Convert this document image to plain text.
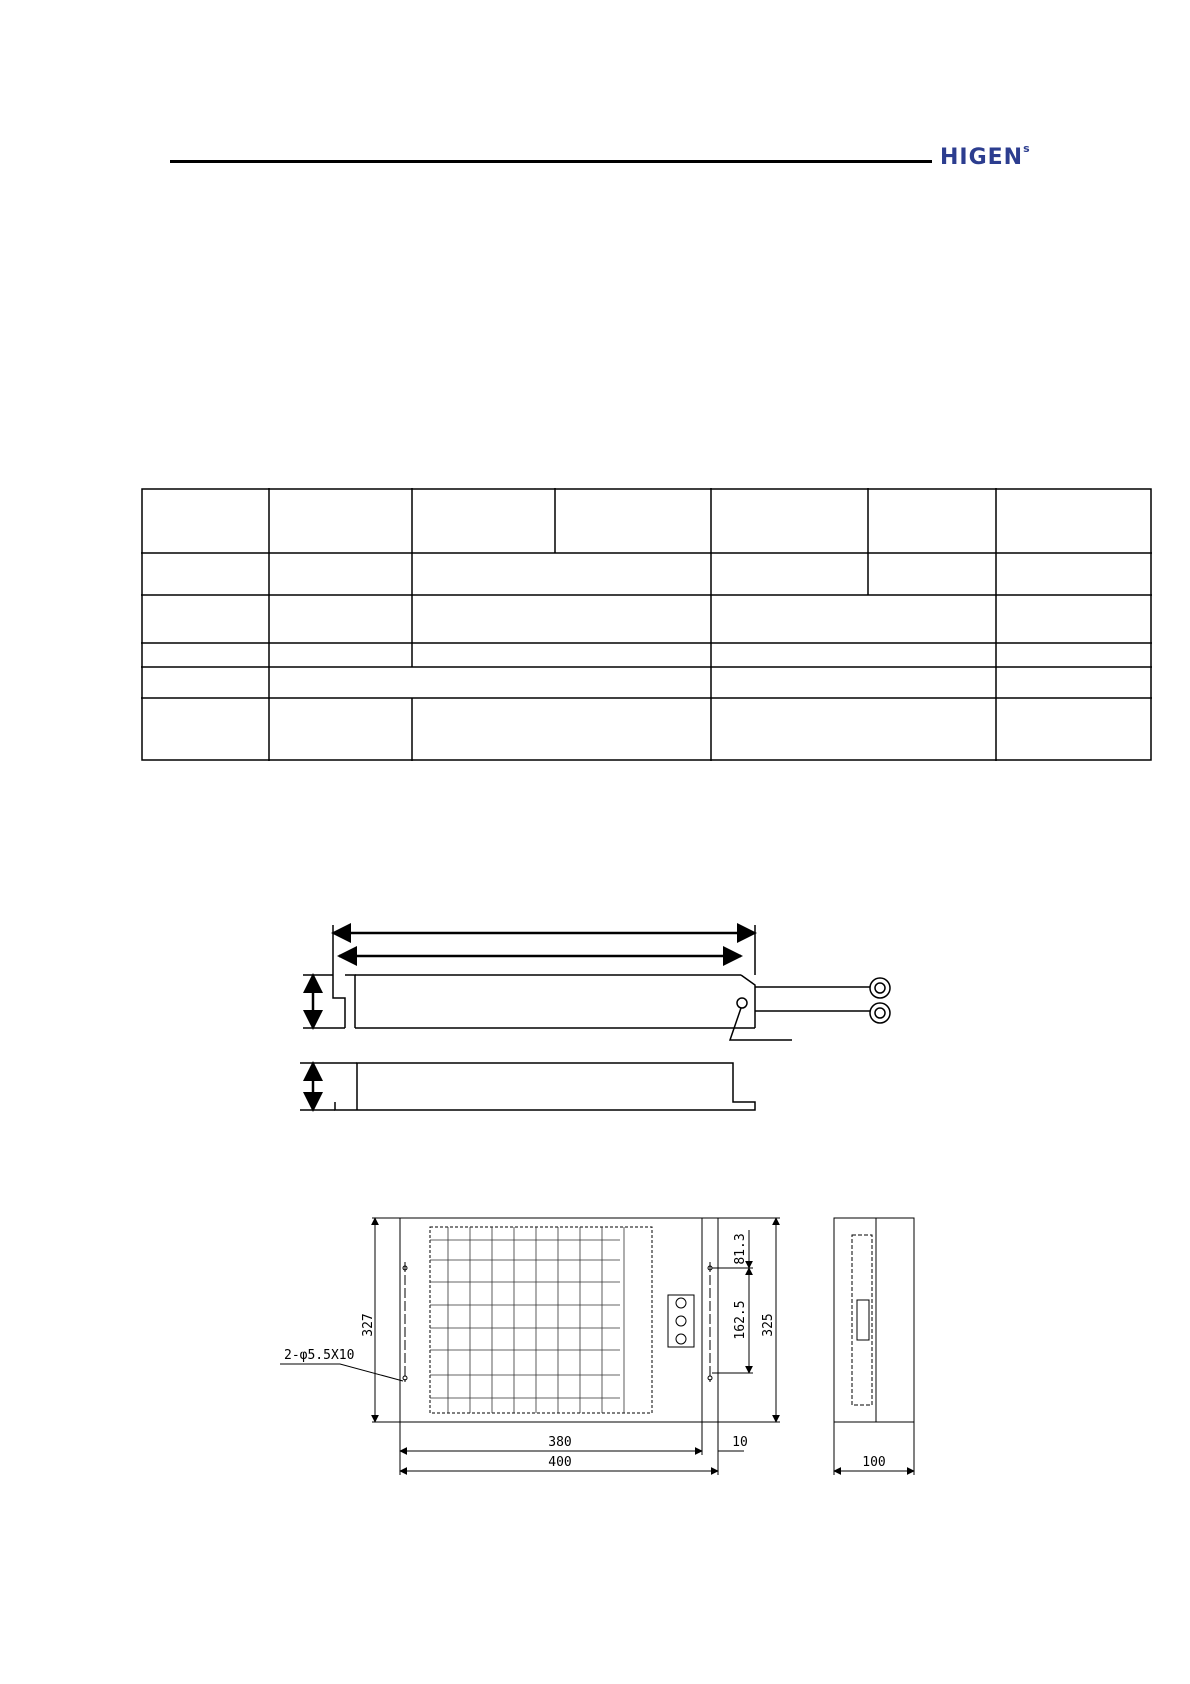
HIGEN$^s$
327	325
81.3
162.5
380	10
400	100
2-φ5.5X10
